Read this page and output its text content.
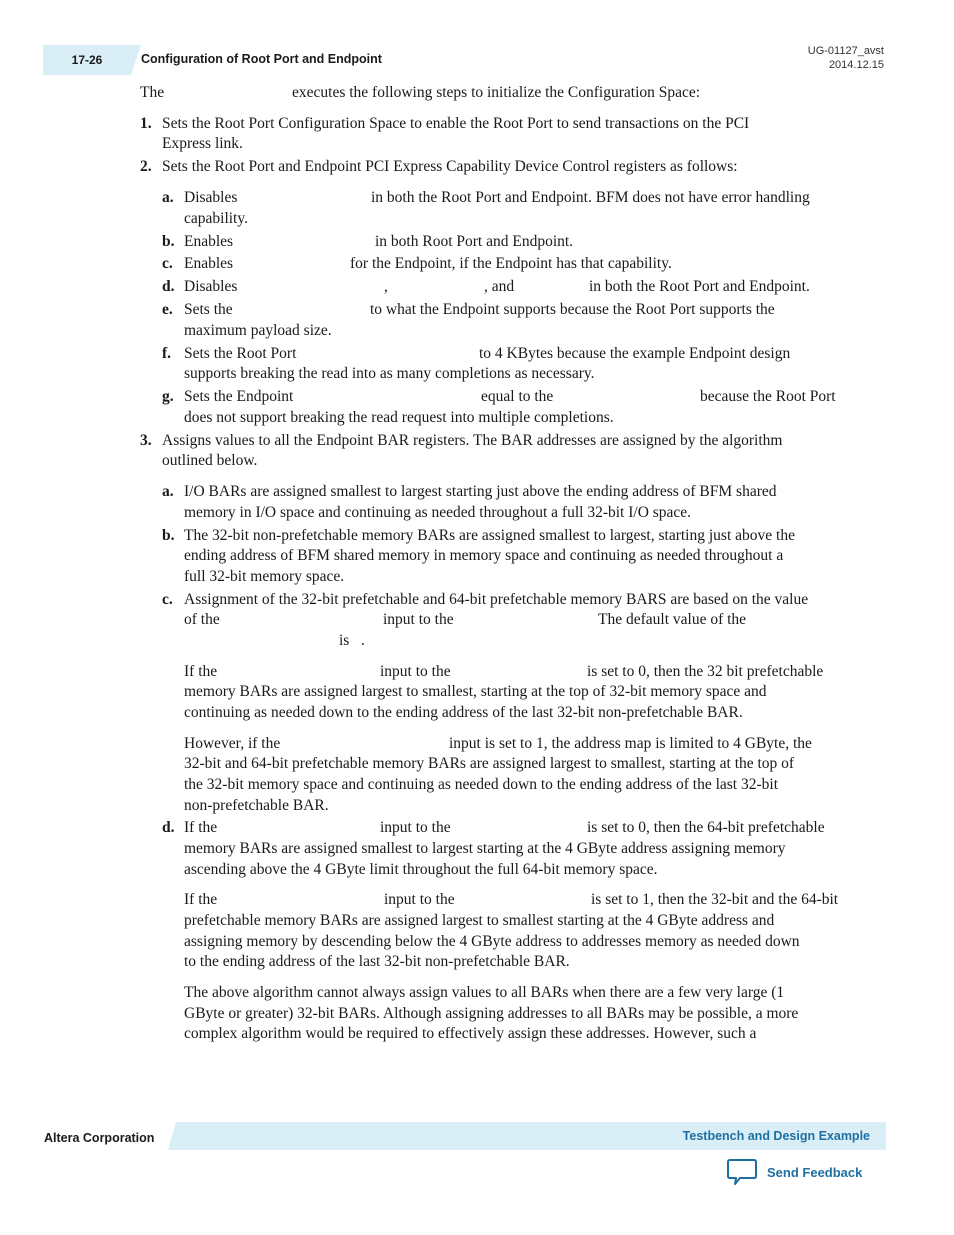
17-26	Configuration of Root Port and Endpoint
UG-01127_avst
2014.12.15
The	executes the following steps to initialize the Configuration Space:
1. Sets the Root Port Configuration Space to enable the Root Port to send transactions on the PCI
Express link.
2. Sets the Root Port and Endpoint PCI Express Capability Device Control registers as follows:
a. Disables	in both the Root Port and Endpoint. BFM does not have error handling
capability.
b. Enables	in both Root Port and Endpoint.
c. Enables	for the Endpoint, if the Endpoint has that capability.
d. Disables	,	, and	in both the Root Port and Endpoint.
e. Sets the	to what the Endpoint supports because the Root Port supports the
maximum payload size.
f. Sets the Root Port	to 4 KBytes because the example Endpoint design
supports breaking the read into as many completions as necessary.
g. Sets the Endpoint	equal to the	because the Root Port
does not support breaking the read request into multiple completions.
3. Assigns values to all the Endpoint BAR registers. The BAR addresses are assigned by the algorithm
outlined below.
a. I/O BARs are assigned smallest to largest starting just above the ending address of BFM shared
memory in I/O space and continuing as needed throughout a full 32-bit I/O space.
b. The 32-bit non-prefetchable memory BARs are assigned smallest to largest, starting just above the
ending address of BFM shared memory in memory space and continuing as needed throughout a
full 32-bit memory space.
c. Assignment of the 32-bit prefetchable and 64-bit prefetchable memory BARS are based on the value
of the	input to the	The default value of the
is .
If the	input to the	is set to 0, then the 32 bit prefetchable
memory BARs are assigned largest to smallest, starting at the top of 32-bit memory space and
continuing as needed down to the ending address of the last 32-bit non-prefetchable BAR.
However, if the	input is set to 1, the address map is limited to 4 GByte, the
32-bit and 64-bit prefetchable memory BARs are assigned largest to smallest, starting at the top of
the 32-bit memory space and continuing as needed down to the ending address of the last 32-bit
non-prefetchable BAR.
d. If the	input to the	is set to 0, then the 64-bit prefetchable
memory BARs are assigned smallest to largest starting at the 4 GByte address assigning memory
ascending above the 4 GByte limit throughout the full 64-bit memory space.
If the	input to the	is set to 1, then the 32-bit and the 64-bit
prefetchable memory BARs are assigned largest to smallest starting at the 4 GByte address and
assigning memory by descending below the 4 GByte address to addresses memory as needed down
to the ending address of the last 32-bit non-prefetchable BAR.
The above algorithm cannot always assign values to all BARs when there are a few very large (1
GByte or greater) 32-bit BARs. Although assigning addresses to all BARs may be possible, a more
complex algorithm would be required to effectively assign these addresses. However, such a
Altera Corporation	Testbench and Design Example
Send Feedback
